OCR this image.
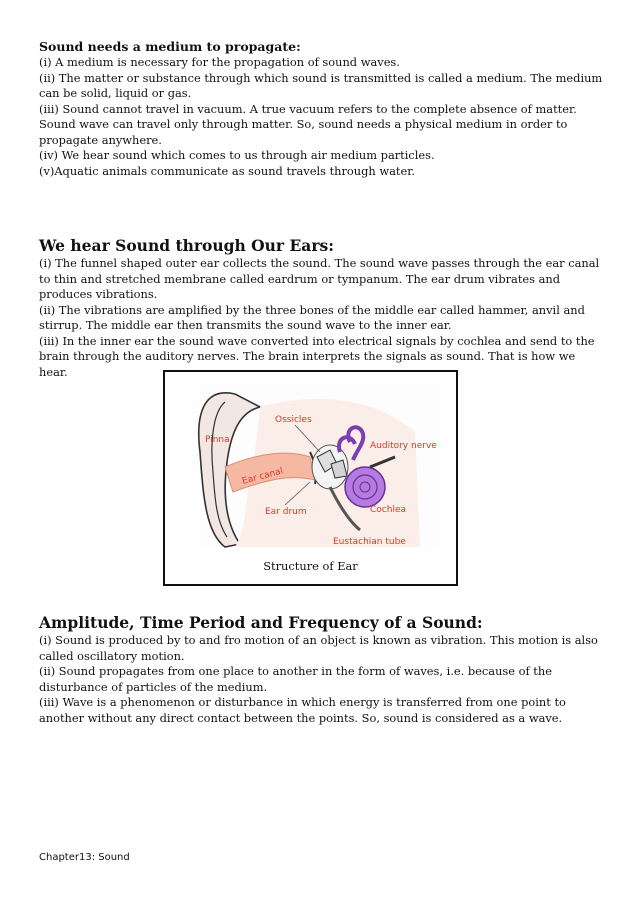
Sound needs a medium to propagate:

(i) A medium is necessary for the propagation of sound waves.

(ii) The matter or substance through which sound is transmitted is called a medium. The medium can be solid, liquid or gas.

(iii) Sound cannot travel in vacuum. A true vacuum refers to the complete absence of matter. Sound wave can travel only through matter. So, sound needs a physical medium in order to propagate anywhere.

(iv) We hear sound which comes to us through air medium particles.

(v)Aquatic animals communicate as sound travels through water.

We hear Sound through Our Ears:

(i) The funnel shaped outer ear collects the sound. The sound wave passes through the ear canal to thin and stretched membrane called eardrum or tympanum. The ear drum vibrates and produces vibrations.

(ii) The vibrations are amplified by the three bones of the middle ear called hammer, anvil and stirrup. The middle ear then transmits the sound wave to the inner ear.

(iii) In the inner ear the sound wave converted into electrical signals by cochlea and send to the brain through the auditory nerves. The brain interprets the signals as sound. That is how we hear.

Pinna
Ossicles
Auditory nerve
Ear canal
Ear drum	Cochlea
Eustachian tube
Structure of Ear

Amplitude, Time Period and Frequency of a Sound:

(i) Sound is produced by to and fro motion of an object is known as vibration. This motion is also called oscillatory motion.

(ii) Sound propagates from one place to another in the form of waves, i.e. because of the disturbance of particles of the medium.

(iii) Wave is a phenomenon or disturbance in which energy is transferred from one point to another without any direct contact between the points. So, sound is considered as a wave.

Chapter13: Sound
